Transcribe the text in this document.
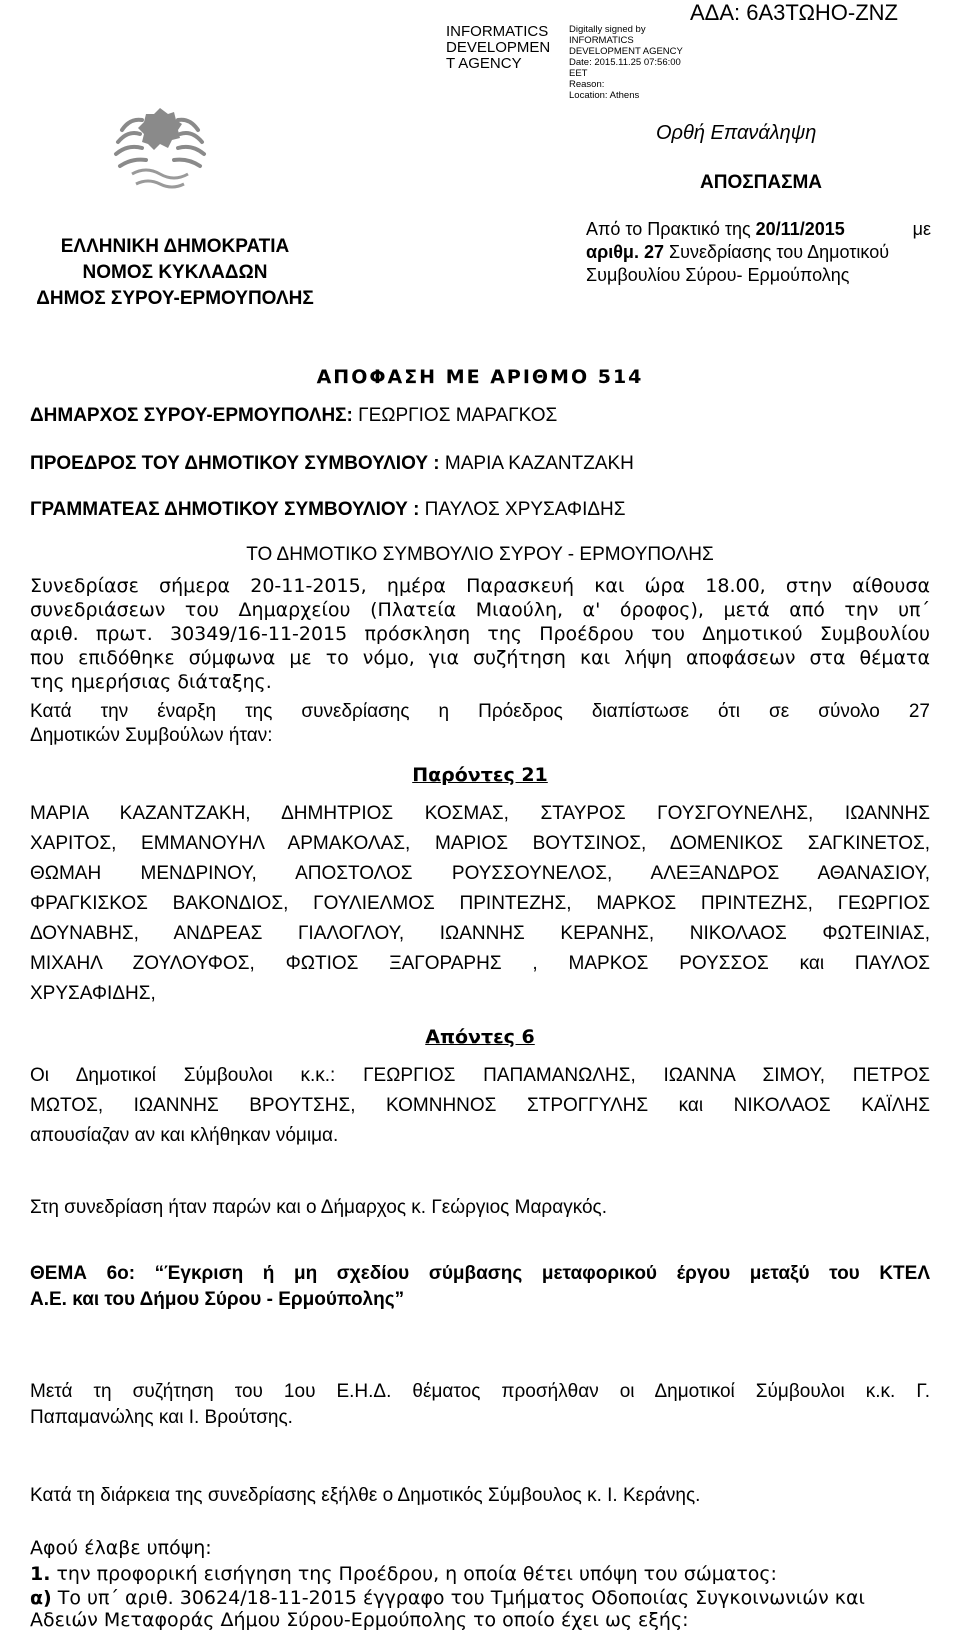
INFORMATICS
DEVELOPMEN
T AGENCY
Digitally signed by
INFORMATICS
DEVELOPMENT AGENCY
Date: 2015.11.25 07:56:00
EET
Reason:
Location: Athens
ΑΔΑ: 6Α3ΤΩΗΟ-ΖΝΖ
Ορθή Επανάληψη
ΑΠΟΣΠΑΣΜΑ
ΕΛΛΗΝΙΚΗ ΔΗΜΟΚΡΑΤΙΑ
ΝΟΜΟΣ ΚΥΚΛΑΔΩΝ
ΔΗΜΟΣ ΣΥΡΟΥ-ΕΡΜΟΥΠΟΛΗΣ
Από το Πρακτικό της 20/11/2015	με
αριθμ. 27 Συνεδρίασης του Δημοτικού
Συμβουλίου Σύρου- Ερμούπολης
ΑΠΟΦΑΣΗ ΜΕ ΑΡΙΘΜΟ 514
ΔΗΜΑΡΧΟΣ ΣΥΡΟΥ-ΕΡΜΟΥΠΟΛΗΣ: ΓΕΩΡΓΙΟΣ ΜΑΡΑΓΚΟΣ
ΠΡΟΕΔΡΟΣ ΤΟΥ ΔΗΜΟΤΙΚΟΥ ΣΥΜΒΟΥΛΙΟΥ : ΜΑΡΙΑ ΚΑΖΑΝΤΖΑΚΗ
ΓΡΑΜΜΑΤΕΑΣ ΔΗΜΟΤΙΚΟΥ ΣΥΜΒΟΥΛΙΟΥ : ΠΑΥΛΟΣ ΧΡΥΣΑΦΙΔΗΣ
ΤΟ ΔΗΜΟΤΙΚΟ ΣΥΜΒΟΥΛΙΟ ΣΥΡΟΥ - ΕΡΜΟΥΠΟΛΗΣ
Συνεδρίασε σήμερα 20-11-2015, ημέρα Παρασκευή και ώρα 18.00, στην αίθουσα
συνεδριάσεων του Δημαρχείου (Πλατεία Μιαούλη, α' όροφος), μετά από την υπ΄
αριθ. πρωτ. 30349/16-11-2015 πρόσκληση της Προέδρου του Δημοτικού Συμβουλίου
που επιδόθηκε σύμφωνα με το νόμο, για συζήτηση και λήψη αποφάσεων στα θέματα
της ημερήσιας διάταξης.
Κατά την έναρξη της συνεδρίασης η Πρόεδρος διαπίστωσε ότι σε σύνολο 27
Δημοτικών Συμβούλων ήταν:
Παρόντες 21
ΜΑΡΙΑ ΚΑΖΑΝΤΖΑΚΗ, ΔΗΜΗΤΡΙΟΣ ΚΟΣΜΑΣ, ΣΤΑΥΡΟΣ ΓΟΥΣΓΟΥΝΕΛΗΣ, ΙΩΑΝΝΗΣ
ΧΑΡΙΤΟΣ, ΕΜΜΑΝΟΥΗΛ ΑΡΜΑΚΟΛΑΣ, ΜΑΡΙΟΣ ΒΟΥΤΣΙΝΟΣ, ΔΟΜΕΝΙΚΟΣ ΣΑΓΚΙΝΕΤΟΣ,
ΘΩΜΑΗ ΜΕΝΔΡΙΝΟΥ, ΑΠΟΣΤΟΛΟΣ ΡΟΥΣΣΟΥΝΕΛΟΣ, ΑΛΕΞΑΝΔΡΟΣ ΑΘΑΝΑΣΙΟΥ,
ΦΡΑΓΚΙΣΚΟΣ ΒΑΚΟΝΔΙΟΣ, ΓΟΥΛΙΕΛΜΟΣ ΠΡΙΝΤΕΖΗΣ, ΜΑΡΚΟΣ ΠΡΙΝΤΕΖΗΣ, ΓΕΩΡΓΙΟΣ
ΔΟΥΝΑΒΗΣ, ΑΝΔΡΕΑΣ ΓΙΑΛΟΓΛΟΥ, ΙΩΑΝΝΗΣ ΚΕΡΑΝΗΣ, ΝΙΚΟΛΑΟΣ ΦΩΤΕΙΝΙΑΣ,
ΜΙΧΑΗΛ ΖΟΥΛΟΥΦΟΣ, ΦΩΤΙΟΣ ΞΑΓΟΡΑΡΗΣ , ΜΑΡΚΟΣ ΡΟΥΣΣΟΣ και ΠΑΥΛΟΣ
ΧΡΥΣΑΦΙΔΗΣ,
Απόντες 6
Οι Δημοτικοί Σύμβουλοι κ.κ.: ΓΕΩΡΓΙΟΣ ΠΑΠΑΜΑΝΩΛΗΣ, ΙΩΑΝΝΑ ΣΙΜΟΥ, ΠΕΤΡΟΣ
ΜΩΤΟΣ, ΙΩΑΝΝΗΣ ΒΡΟΥΤΣΗΣ, ΚΟΜΝΗΝΟΣ ΣΤΡΟΓΓΥΛΗΣ και ΝΙΚΟΛΑΟΣ ΚΑΪΛΗΣ
απουσίαζαν αν και κλήθηκαν νόμιμα.
Στη συνεδρίαση ήταν παρών και ο Δήμαρχος κ. Γεώργιος Μαραγκός.
ΘΕΜΑ 6ο: “Έγκριση ή μη σχεδίου σύμβασης μεταφορικού έργου μεταξύ του ΚΤΕΛ
Α.Ε. και του Δήμου Σύρου - Ερμούπολης”
Μετά τη συζήτηση του 1ου Ε.Η.Δ. θέματος προσήλθαν οι Δημοτικοί Σύμβουλοι κ.κ. Γ.
Παπαμανώλης και Ι. Βρούτσης.
Κατά τη διάρκεια της συνεδρίασης εξήλθε ο Δημοτικός Σύμβουλος κ. Ι. Κεράνης.
Αφού έλαβε υπόψη:
1. την προφορική εισήγηση της Προέδρου, η οποία θέτει υπόψη του σώματος:
α) Το υπ΄ αριθ. 30624/18-11-2015 έγγραφο του Τμήματος Οδοποιίας Συγκοινωνιών και
Αδειών Μεταφοράς Δήμου Σύρου-Ερμούπολης το οποίο έχει ως εξής:
